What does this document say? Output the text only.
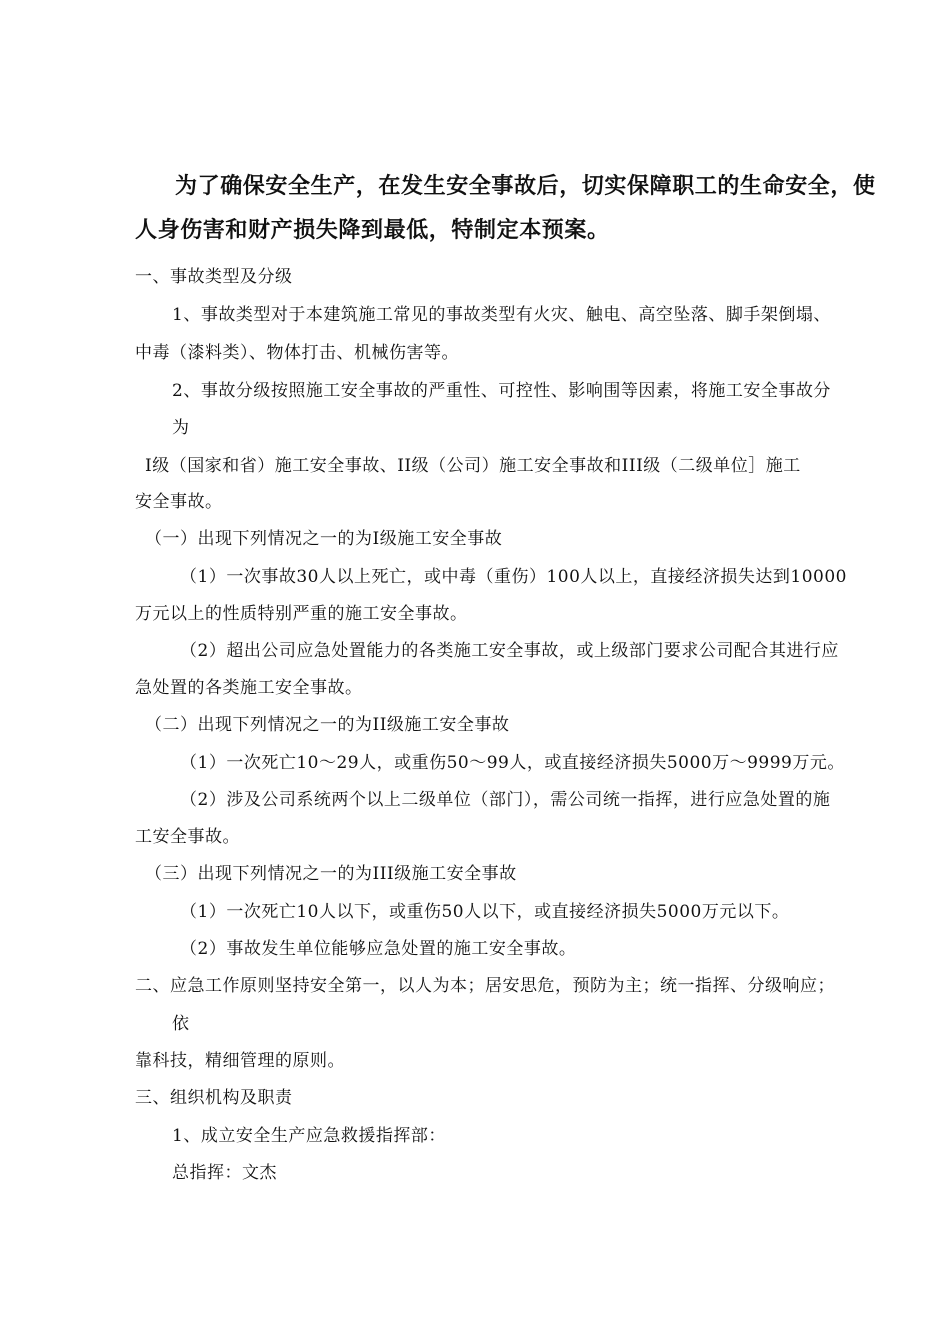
为了确保安全生产，在发生安全事故后，切实保障职工的生命安全，使人身伤害和财产损失降到最低，特制定本预案。

一、事故类型及分级
1、事故类型对于本建筑施工常见的事故类型有火灾、触电、高空坠落、脚手架倒塌、
中毒（漆料类）、物体打击、机械伤害等。
2、事故分级按照施工安全事故的严重性、可控性、影响围等因素，将施工安全事故分
为
I级（国家和省）施工安全事故、II级（公司）施工安全事故和III级（二级单位］施工
安全事故。
（一）出现下列情况之一的为I级施工安全事故
（1）一次事故30人以上死亡，或中毒（重伤）100人以上，直接经济损失达到10000
万元以上的性质特别严重的施工安全事故。
（2）超出公司应急处置能力的各类施工安全事故，或上级部门要求公司配合其进行应
急处置的各类施工安全事故。
（二）出现下列情况之一的为II级施工安全事故
（1）一次死亡10〜29人，或重伤50〜99人，或直接经济损失5000万〜9999万元。
（2）涉及公司系统两个以上二级单位（部门），需公司统一指挥，进行应急处置的施
工安全事故。
（三）出现下列情况之一的为III级施工安全事故
（1）一次死亡10人以下，或重伤50人以下，或直接经济损失5000万元以下。
（2）事故发生单位能够应急处置的施工安全事故。
二、应急工作原则坚持安全第一，以人为本；居安思危，预防为主；统一指挥、分级响应；
依
靠科技，精细管理的原则。
三、组织机构及职责
1、成立安全生产应急救援指挥部：
总指挥：文杰
